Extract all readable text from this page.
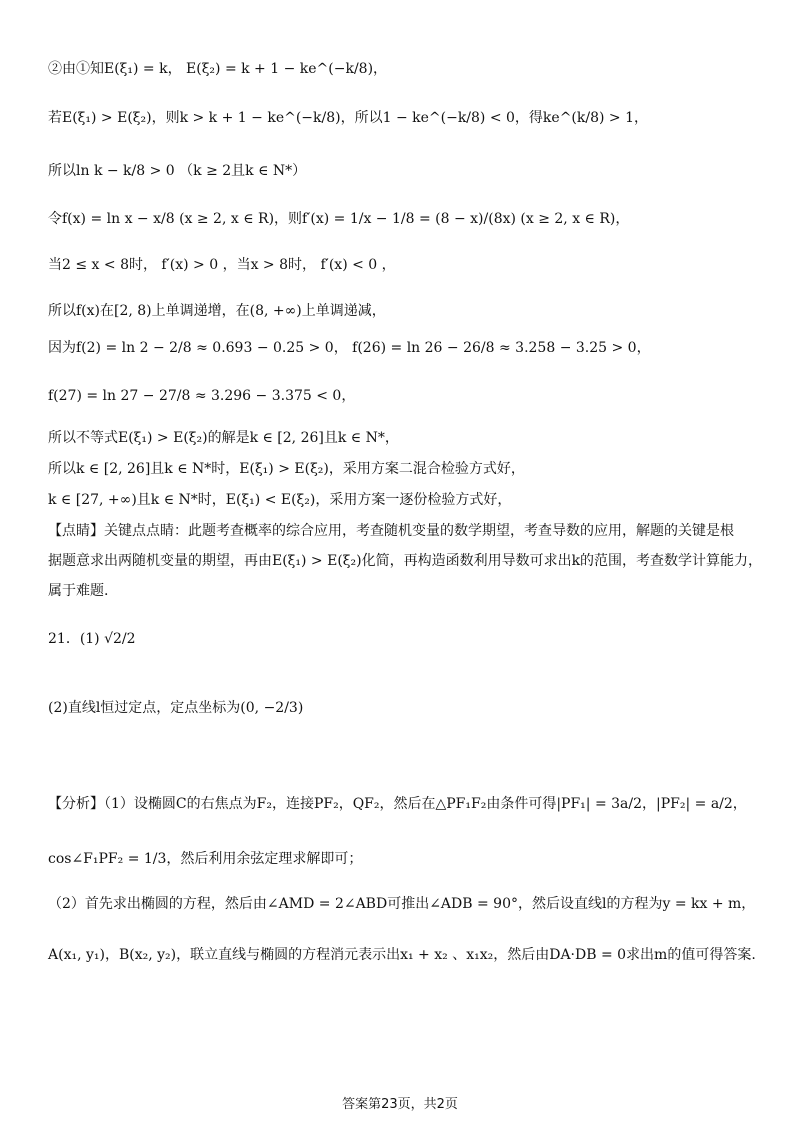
②由①知E(ξ₁) = k， E(ξ₂) = k + 1 − ke^(−k/8)，
若E(ξ₁) > E(ξ₂)，则k > k + 1 − ke^(−k/8)，所以1 − ke^(−k/8) < 0，得ke^(k/8) > 1，
所以ln k − k/8 > 0 （k ≥ 2且k ∈ N*）
令f(x) = ln x − x/8 (x ≥ 2, x ∈ R)，则f′(x) = 1/x − 1/8 = (8 − x)/(8x) (x ≥ 2, x ∈ R)，
当2 ≤ x < 8时， f′(x) > 0 ，当x > 8时， f′(x) < 0 ，
所以f(x)在[2, 8)上单调递增，在(8, +∞)上单调递减，
因为f(2) = ln 2 − 2/8 ≈ 0.693 − 0.25 > 0， f(26) = ln 26 − 26/8 ≈ 3.258 − 3.25 > 0，
f(27) = ln 27 − 27/8 ≈ 3.296 − 3.375 < 0，
所以不等式E(ξ₁) > E(ξ₂)的解是k ∈ [2, 26]且k ∈ N*，
所以k ∈ [2, 26]且k ∈ N*时，E(ξ₁) > E(ξ₂)，采用方案二混合检验方式好，
k ∈ [27, +∞)且k ∈ N*时，E(ξ₁) < E(ξ₂)，采用方案一逐份检验方式好，
【点睛】关键点点睛：此题考查概率的综合应用，考查随机变量的数学期望，考查导数的应用，解题的关键是根
据题意求出两随机变量的期望，再由E(ξ₁) > E(ξ₂)化简，再构造函数利用导数可求出k的范围，考查数学计算能力，
属于难题.
21．(1) √2/2
(2)直线l恒过定点，定点坐标为(0, −2/3)
【分析】（1）设椭圆C的右焦点为F₂，连接PF₂，QF₂，然后在△PF₁F₂由条件可得|PF₁| = 3a/2，|PF₂| = a/2，
cos∠F₁PF₂ = 1/3，然后利用余弦定理求解即可；
（2）首先求出椭圆的方程，然后由∠AMD = 2∠ABD可推出∠ADB = 90°，然后设直线l的方程为y = kx + m，
A(x₁, y₁)，B(x₂, y₂)，联立直线与椭圆的方程消元表示出x₁ + x₂ 、x₁x₂，然后由DA·DB = 0求出m的值可得答案.
答案第23页，共2页
